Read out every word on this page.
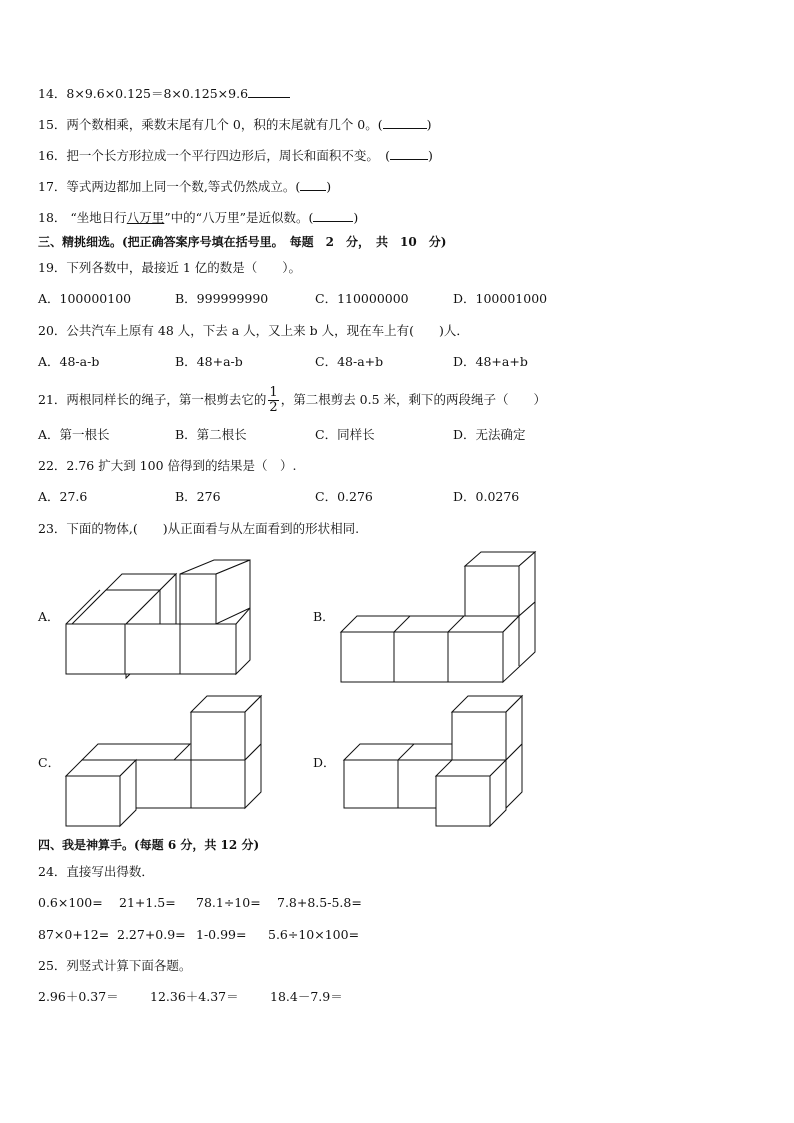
14．8×9.6×0.125＝8×0.125×9.6
15．两个数相乘，乘数末尾有几个 0，积的末尾就有几个 0。(	)
16．把一个长方形拉成一个平行四边形后，周长和面积不变。　(	)
17．等式两边都加上同一个数,等式仍然成立。( )
18． “坐地日行八万里”中的“八万里”是近似数。(	)
三、精挑细选。(把正确答案序号填在括号里。　每题　2　分，　共　10　分)
19．下列各数中，最接近 1 亿的数是（　　）。
A．100000100	B．999999990	C．110000000	D．100001000
20．公共汽车上原有 48 人，下去 a 人，又上来 b 人，现在车上有(　　)人．
A．48-a-b	B．48+a-b	C．48-a+b	D．48+a+b
21．两根同样长的绳子，第一根剪去它的 $\frac{1}{2}$ ，第二根剪去 0.5 米，剩下的两段绳子（　　）
A．第一根长	B．第二根长	C．同样长	D．无法确定
22．2.76 扩大到 100 倍得到的结果是（　）.
A．27.6	B．276	C．0.276	D．0.0276
23．下面的物体,(　　)从正面看与从左面看到的形状相同.
A．	B．
C．	D．
四、我是神算手。(每题 6 分，共 12 分)
24．直接写出得数．
0.6×100= 21+1.5= 78.1÷10= 7.8+8.5-5.8=
87×0+12= 2.27+0.9= 1-0.99= 5.6÷10×100=
25．列竖式计算下面各题。
2.96＋0.37＝	12.36＋4.37＝	18.4－7.9＝
